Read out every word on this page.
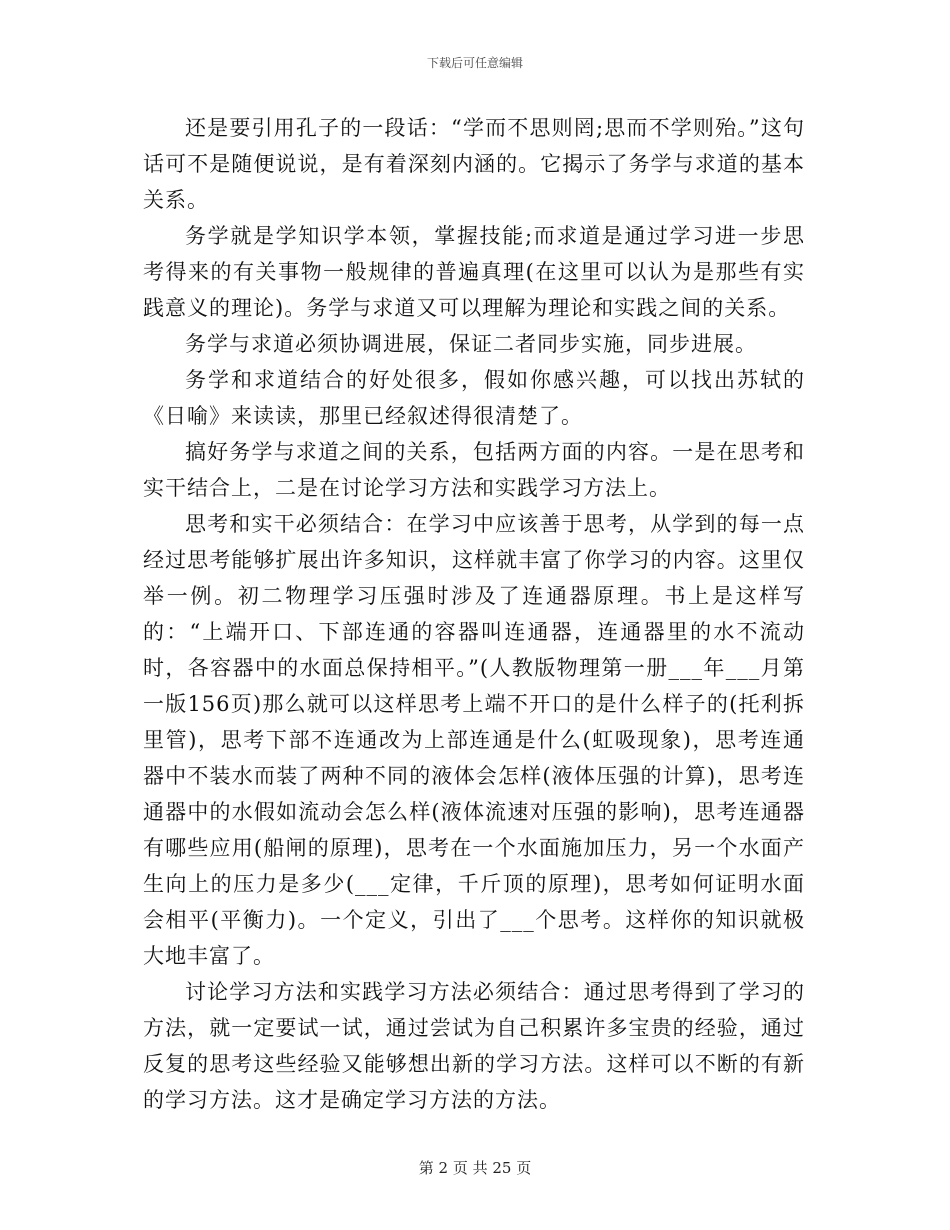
下载后可任意编辑

还是要引用孔子的一段话：“学而不思则罔;思而不学则殆。”这句话可不是随便说说，是有着深刻内涵的。它揭示了务学与求道的基本关系。

务学就是学知识学本领，掌握技能;而求道是通过学习进一步思考得来的有关事物一般规律的普遍真理(在这里可以认为是那些有实践意义的理论)。务学与求道又可以理解为理论和实践之间的关系。

务学与求道必须协调进展，保证二者同步实施，同步进展。

务学和求道结合的好处很多，假如你感兴趣，可以找出苏轼的《日喻》来读读，那里已经叙述得很清楚了。

搞好务学与求道之间的关系，包括两方面的内容。一是在思考和实干结合上，二是在讨论学习方法和实践学习方法上。

思考和实干必须结合：在学习中应该善于思考，从学到的每一点经过思考能够扩展出许多知识，这样就丰富了你学习的内容。这里仅举一例。初二物理学习压强时涉及了连通器原理。书上是这样写的：“上端开口、下部连通的容器叫连通器，连通器里的水不流动时，各容器中的水面总保持相平。”(人教版物理第一册___年___月第一版156页)那么就可以这样思考上端不开口的是什么样子的(托利拆里管)，思考下部不连通改为上部连通是什么(虹吸现象)，思考连通器中不装水而装了两种不同的液体会怎样(液体压强的计算)，思考连通器中的水假如流动会怎么样(液体流速对压强的影响)，思考连通器有哪些应用(船闸的原理)，思考在一个水面施加压力，另一个水面产生向上的压力是多少(___定律，千斤顶的原理)，思考如何证明水面会相平(平衡力)。一个定义，引出了___个思考。这样你的知识就极大地丰富了。

讨论学习方法和实践学习方法必须结合：通过思考得到了学习的方法，就一定要试一试，通过尝试为自己积累许多宝贵的经验，通过反复的思考这些经验又能够想出新的学习方法。这样可以不断的有新的学习方法。这才是确定学习方法的方法。

第 2 页 共 25 页
